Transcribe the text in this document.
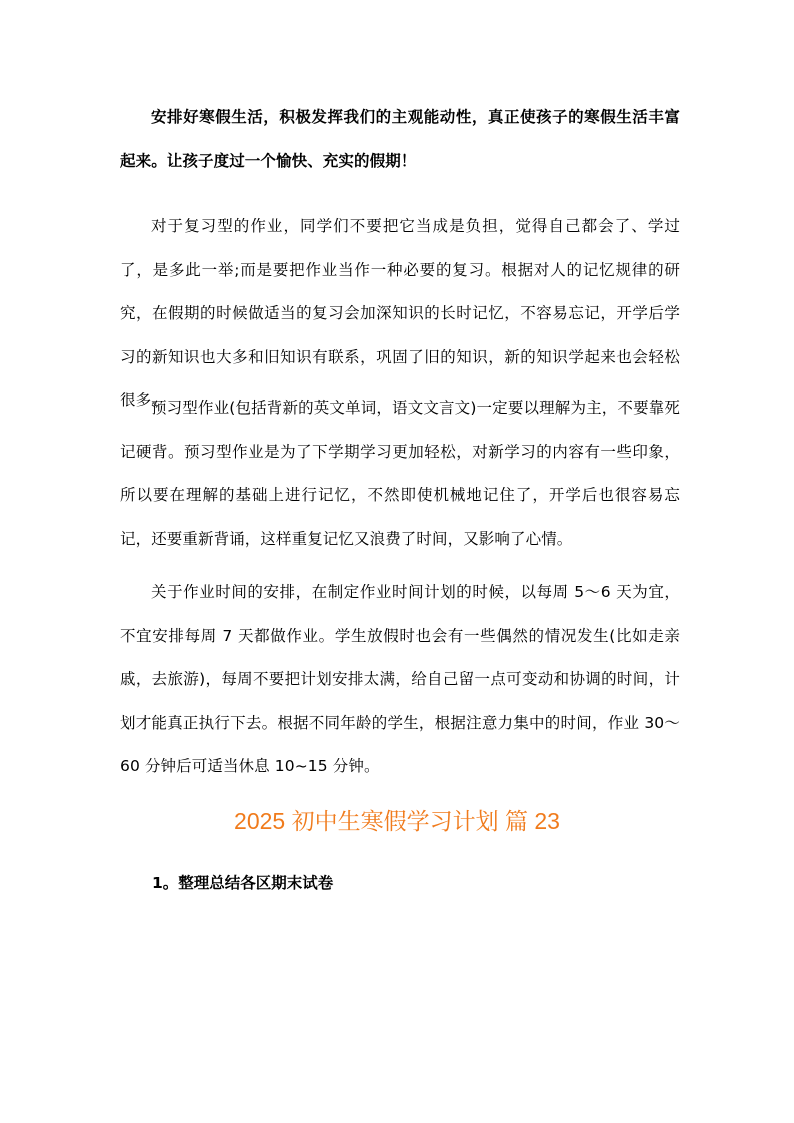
安排好寒假生活，积极发挥我们的主观能动性，真正使孩子的寒假生活丰富起来。让孩子度过一个愉快、充实的假期！

对于复习型的作业，同学们不要把它当成是负担，觉得自己都会了、学过了，是多此一举;而是要把作业当作一种必要的复习。根据对人的记忆规律的研究，在假期的时候做适当的复习会加深知识的长时记忆，不容易忘记，开学后学习的新知识也大多和旧知识有联系，巩固了旧的知识，新的知识学起来也会轻松很多。

预习型作业(包括背新的英文单词，语文文言文)一定要以理解为主，不要靠死记硬背。预习型作业是为了下学期学习更加轻松，对新学习的内容有一些印象，所以要在理解的基础上进行记忆，不然即使机械地记住了，开学后也很容易忘记，还要重新背诵，这样重复记忆又浪费了时间，又影响了心情。

关于作业时间的安排，在制定作业时间计划的时候，以每周 5～6 天为宜，不宜安排每周 7 天都做作业。学生放假时也会有一些偶然的情况发生(比如走亲戚，去旅游)，每周不要把计划安排太满，给自己留一点可变动和协调的时间，计划才能真正执行下去。根据不同年龄的学生，根据注意力集中的时间，作业 30～60 分钟后可适当休息 10~15 分钟。

2025 初中生寒假学习计划 篇 23
1。整理总结各区期末试卷
